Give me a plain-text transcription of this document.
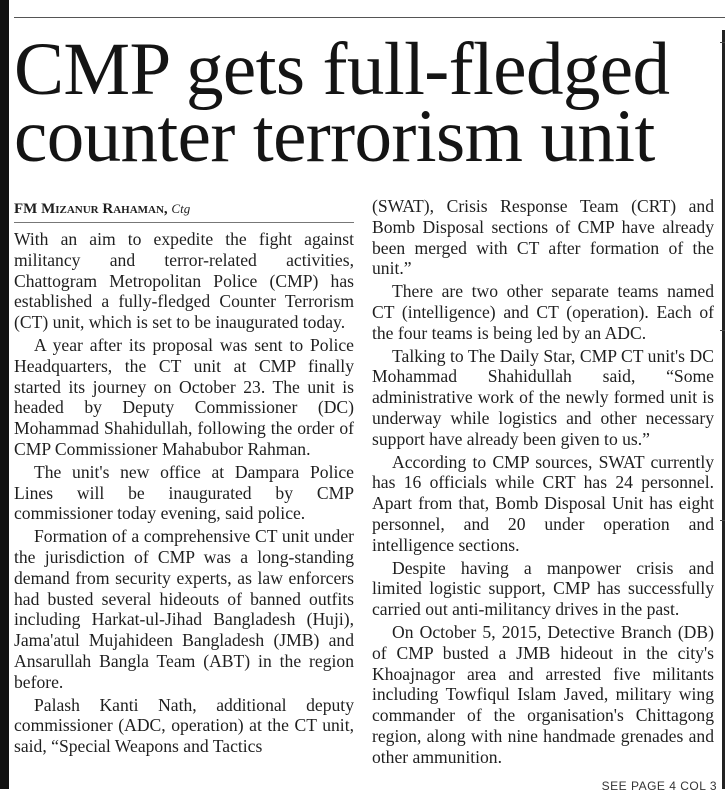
CMP gets full-fledged
counter terrorism unit
FM Mizanur Rahaman, Ctg

With an aim to expedite the fight against militancy and terror-related activities, Chattogram Metropolitan Police (CMP) has established a fully-fledged Counter Terrorism (CT) unit, which is set to be inaugurated today.

A year after its proposal was sent to Police Headquarters, the CT unit at CMP finally started its journey on October 23. The unit is headed by Deputy Commissioner (DC) Mohammad Shahidullah, following the order of CMP Commissioner Mahabubor Rahman.

The unit's new office at Dampara Police Lines will be inaugurated by CMP commissioner today evening, said police.

Formation of a comprehensive CT unit under the jurisdiction of CMP was a long-standing demand from security experts, as law enforcers had busted several hideouts of banned outfits including Harkat-ul-Jihad Bangladesh (Huji), Jama'atul Mujahideen Bangladesh (JMB) and Ansarullah Bangla Team (ABT) in the region before.

Palash Kanti Nath, additional deputy commissioner (ADC, operation) at the CT unit, said, “Special Weapons and Tactics

(SWAT), Crisis Response Team (CRT) and Bomb Disposal sections of CMP have already been merged with CT after formation of the unit.”

There are two other separate teams named CT (intelligence) and CT (operation). Each of the four teams is being led by an ADC.

Talking to The Daily Star, CMP CT unit's DC Mohammad Shahidullah said, “Some administrative work of the newly formed unit is underway while logistics and other necessary support have already been given to us.”

According to CMP sources, SWAT currently has 16 officials while CRT has 24 personnel. Apart from that, Bomb Disposal Unit has eight personnel, and 20 under operation and intelligence sections.

Despite having a manpower crisis and limited logistic support, CMP has successfully carried out anti-militancy drives in the past.

On October 5, 2015, Detective Branch (DB) of CMP busted a JMB hideout in the city's Khoajnagor area and arrested five militants including Towfiqul Islam Javed, military wing commander of the organisation's Chittagong region, along with nine handmade grenades and other ammunition.

SEE PAGE 4 COL 3
